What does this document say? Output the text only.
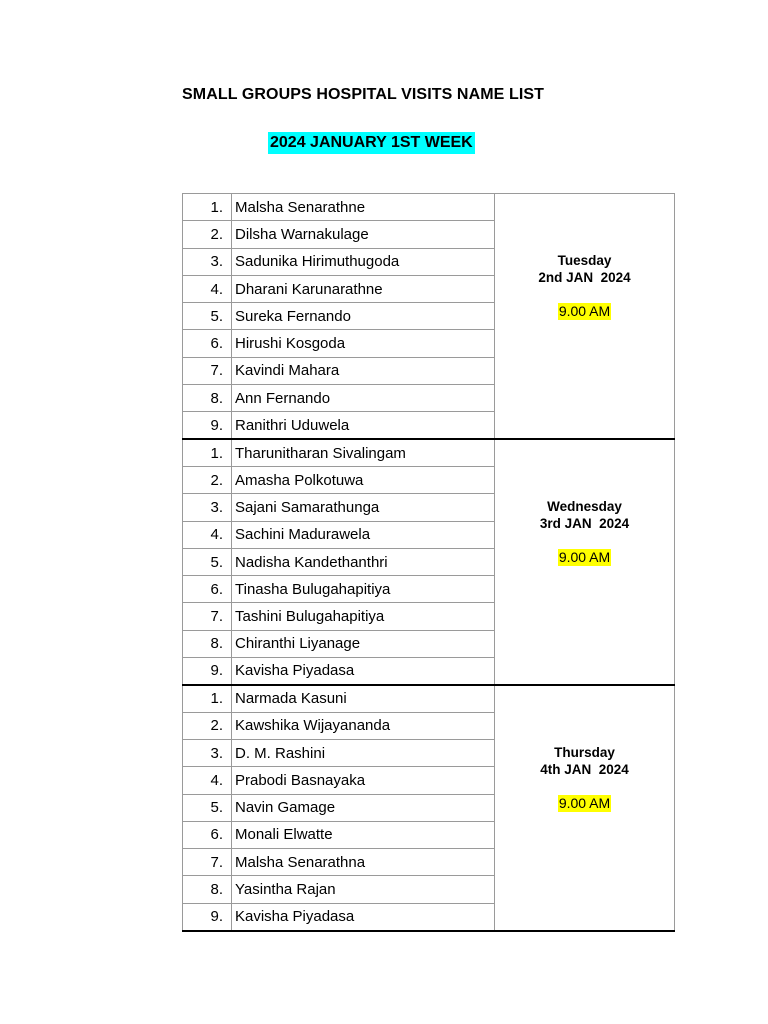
SMALL GROUPS HOSPITAL VISITS NAME LIST
2024 JANUARY 1ST WEEK
1.	Malsha Senarathne	Tuesday
2nd JAN  2024
9.00 AM

2.	Dilsha Warnakulage	
3.	Sadunika Hirimuthugoda	
4.	Dharani Karunarathne	
5.	Sureka Fernando	
6.	Hirushi Kosgoda	
7.	Kavindi Mahara	
8.	Ann Fernando	
9.	Ranithri Uduwela	
1.	Tharunitharan Sivalingam	Wednesday
3rd JAN  2024
9.00 AM

2.	Amasha Polkotuwa	
3.	Sajani Samarathunga	
4.	Sachini Madurawela	
5.	Nadisha Kandethanthri	
6.	Tinasha Bulugahapitiya	
7.	Tashini Bulugahapitiya	
8.	Chiranthi Liyanage	
9.	Kavisha Piyadasa	
1.	Narmada Kasuni	Thursday
4th JAN  2024
9.00 AM

2.	Kawshika Wijayananda	
3.	D. M. Rashini	
4.	Prabodi Basnayaka	
5.	Navin Gamage	
6.	Monali Elwatte	
7.	Malsha Senarathna	
8.	Yasintha Rajan	
9.	Kavisha Piyadasa	
